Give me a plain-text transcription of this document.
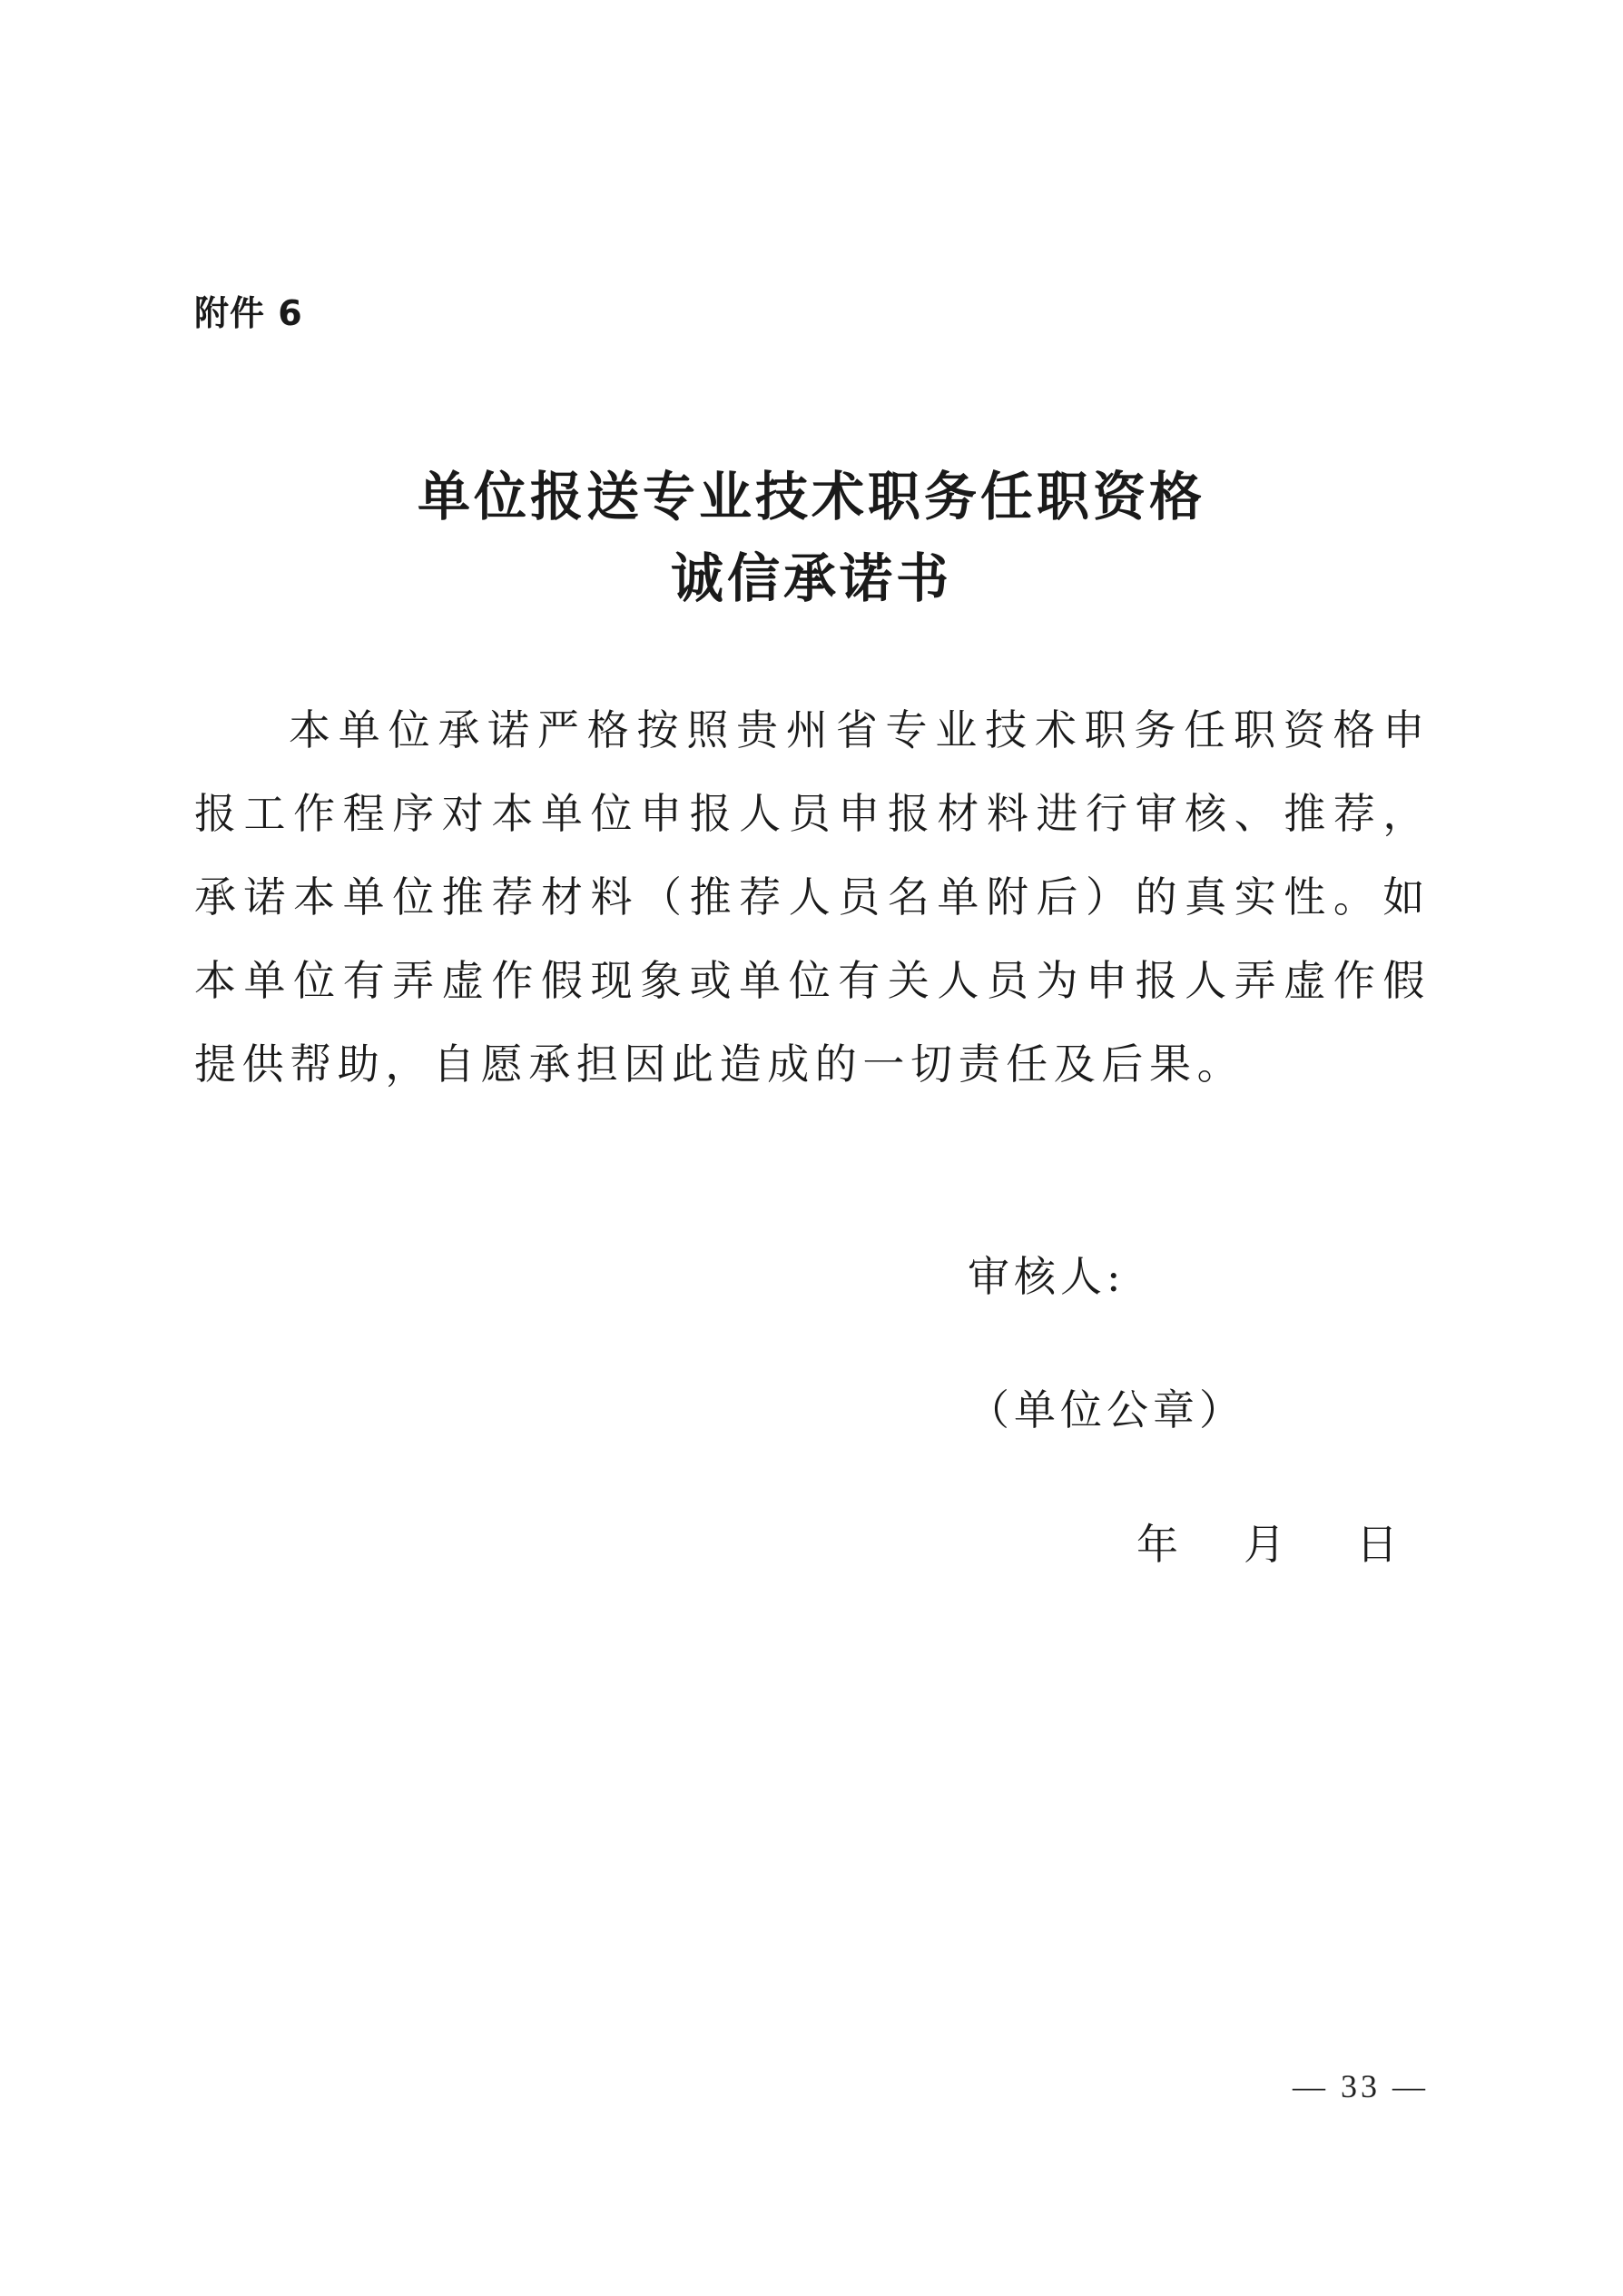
附件 6
单位报送专业技术职务任职资格
诚信承诺书
本单位承诺严格按照贵州省专业技术职务任职资格申报工作程序对本单位申报人员申报材料进行审核、推荐，承诺本单位推荐材料（推荐人员名单附后）的真实性。如本单位有弄虚作假现象或单位有关人员为申报人弄虚作假提供帮助，自愿承担因此造成的一切责任及后果。
审核人:
（单位公章）
年 月 日
— 33 —
